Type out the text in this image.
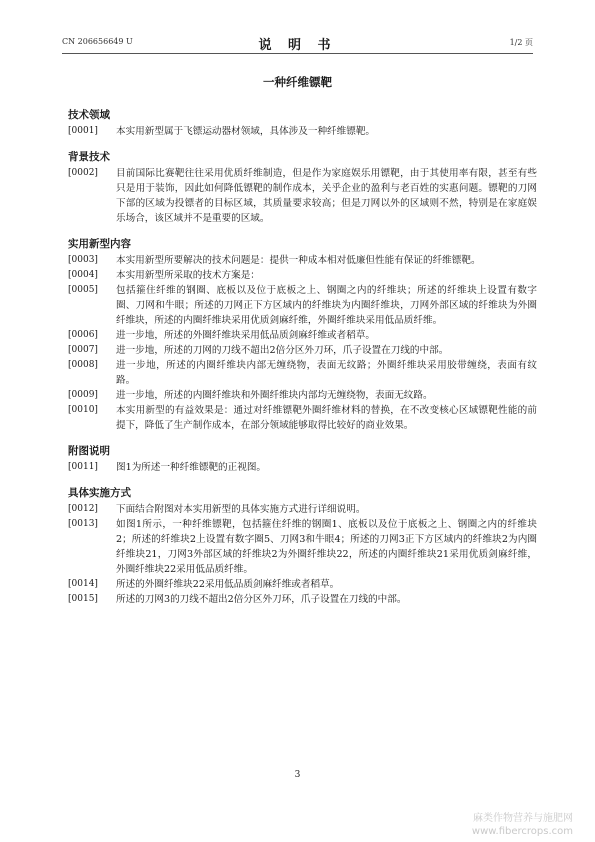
CN 206656649 U	说 明 书	1/2 页
一种纤维镖靶
技术领域
[0001] 本实用新型属于飞镖运动器材领域，具体涉及一种纤维镖靶。
背景技术
[0002] 目前国际比赛靶往往采用优质纤维制造，但是作为家庭娱乐用镖靶，由于其使用率有限，甚至有些只是用于装饰，因此如何降低镖靶的制作成本，关乎企业的盈利与老百姓的实惠问题。镖靶的刀网下部的区域为投镖者的目标区域，其质量要求较高；但是刀网以外的区域则不然，特别是在家庭娱乐场合，该区域并不是重要的区域。
实用新型内容
[0003] 本实用新型所要解决的技术问题是：提供一种成本相对低廉但性能有保证的纤维镖靶。
[0004] 本实用新型所采取的技术方案是：
[0005] 包括箍住纤维的钢圈、底板以及位于底板之上、钢圈之内的纤维块；所述的纤维块上设置有数字圈、刀网和牛眼；所述的刀网正下方区域内的纤维块为内圈纤维块，刀网外部区域的纤维块为外圈纤维块，所述的内圈纤维块采用优质剑麻纤维，外圈纤维块采用低品质纤维。
[0006] 进一步地，所述的外圈纤维块采用低品质剑麻纤维或者稻草。
[0007] 进一步地，所述的刀网的刀线不超出2倍分区外刀环，爪子设置在刀线的中部。
[0008] 进一步地，所述的内圈纤维块内部无缠绕物，表面无纹路；外圈纤维块采用胶带缠绕，表面有纹路。
[0009] 进一步地，所述的内圈纤维块和外圈纤维块内部均无缠绕物，表面无纹路。
[0010] 本实用新型的有益效果是：通过对纤维镖靶外圈纤维材料的替换，在不改变核心区域镖靶性能的前提下，降低了生产制作成本，在部分领域能够取得比较好的商业效果。
附图说明
[0011] 图1为所述一种纤维镖靶的正视图。
具体实施方式
[0012] 下面结合附图对本实用新型的具体实施方式进行详细说明。
[0013] 如图1所示，一种纤维镖靶，包括箍住纤维的钢圈1、底板以及位于底板之上、钢圈之内的纤维块2；所述的纤维块2上设置有数字圈5、刀网3和牛眼4；所述的刀网3正下方区域内的纤维块2为内圈纤维块21，刀网3外部区域的纤维块2为外圈纤维块22，所述的内圈纤维块21采用优质剑麻纤维，外圈纤维块22采用低品质纤维。
[0014] 所述的外圈纤维块22采用低品质剑麻纤维或者稻草。
[0015] 所述的刀网3的刀线不超出2倍分区外刀环，爪子设置在刀线的中部。
3
麻类作物营养与施肥网
www.fibercrops.com
